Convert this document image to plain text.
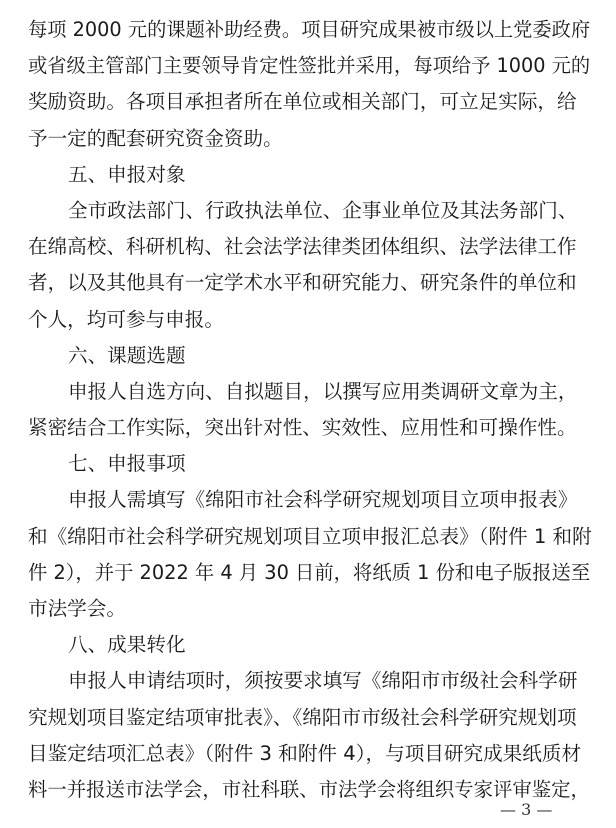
每项 2000 元的课题补助经费。项目研究成果被市级以上党委政府
或省级主管部门主要领导肯定性签批并采用，每项给予 1000 元的
奖励资助。各项目承担者所在单位或相关部门，可立足实际，给
予一定的配套研究资金资助。
五、申报对象
全市政法部门、行政执法单位、企事业单位及其法务部门、
在绵高校、科研机构、社会法学法律类团体组织、法学法律工作
者，以及其他具有一定学术水平和研究能力、研究条件的单位和
个人，均可参与申报。
六、课题选题
申报人自选方向、自拟题目，以撰写应用类调研文章为主，
紧密结合工作实际，突出针对性、实效性、应用性和可操作性。
七、申报事项
申报人需填写《绵阳市社会科学研究规划项目立项申报表》
和《绵阳市社会科学研究规划项目立项申报汇总表》（附件 1 和附
件 2），并于 2022 年 4 月 30 日前，将纸质 1 份和电子版报送至
市法学会。
八、成果转化
申报人申请结项时，须按要求填写《绵阳市市级社会科学研
究规划项目鉴定结项审批表》、《绵阳市市级社会科学研究规划项
目鉴定结项汇总表》（附件 3 和附件 4），与项目研究成果纸质材
料一并报送市法学会，市社科联、市法学会将组织专家评审鉴定，
— 3 —
